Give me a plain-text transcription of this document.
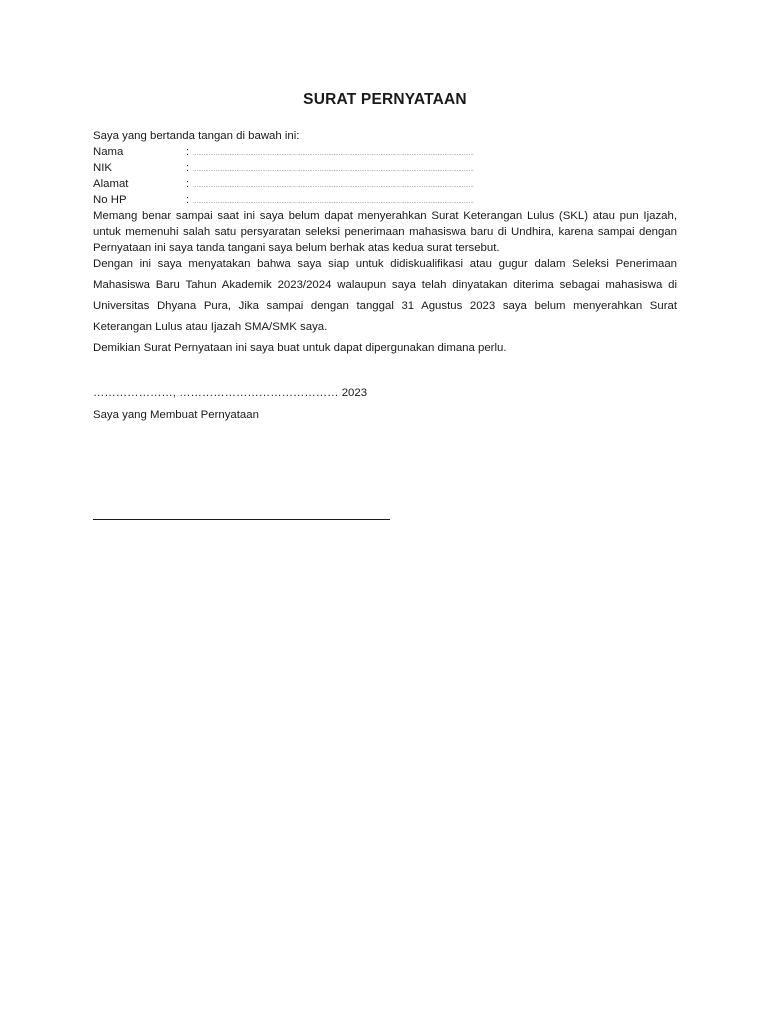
SURAT PERNYATAAN

Saya yang bertanda tangan di bawah ini:

Nama	: ………………………………………………………………………………………………………………………………………………
NIK	: ………………………………………………………………………………………………………………………………………………
Alamat	: ………………………………………………………………………………………………………………………………………………
No HP	: ………………………………………………………………………………………………………………………………………………

Memang benar sampai saat ini saya belum dapat menyerahkan Surat Keterangan Lulus (SKL) atau pun Ijazah, untuk memenuhi salah satu persyaratan seleksi penerimaan mahasiswa baru di Undhira, karena sampai dengan Pernyataan ini saya tanda tangani saya belum berhak atas kedua surat tersebut.

Dengan ini saya menyatakan bahwa saya siap untuk didiskualifikasi atau gugur dalam Seleksi Penerimaan Mahasiswa Baru Tahun Akademik 2023/2024 walaupun saya telah dinyatakan diterima sebagai mahasiswa di Universitas Dhyana Pura, Jika sampai dengan tanggal 31 Agustus 2023 saya belum menyerahkan Surat Keterangan Lulus atau Ijazah SMA/SMK saya.

Demikian Surat Pernyataan ini saya buat untuk dapat dipergunakan dimana perlu.

…………………, …………………………………… 2023

Saya yang Membuat Pernyataan
